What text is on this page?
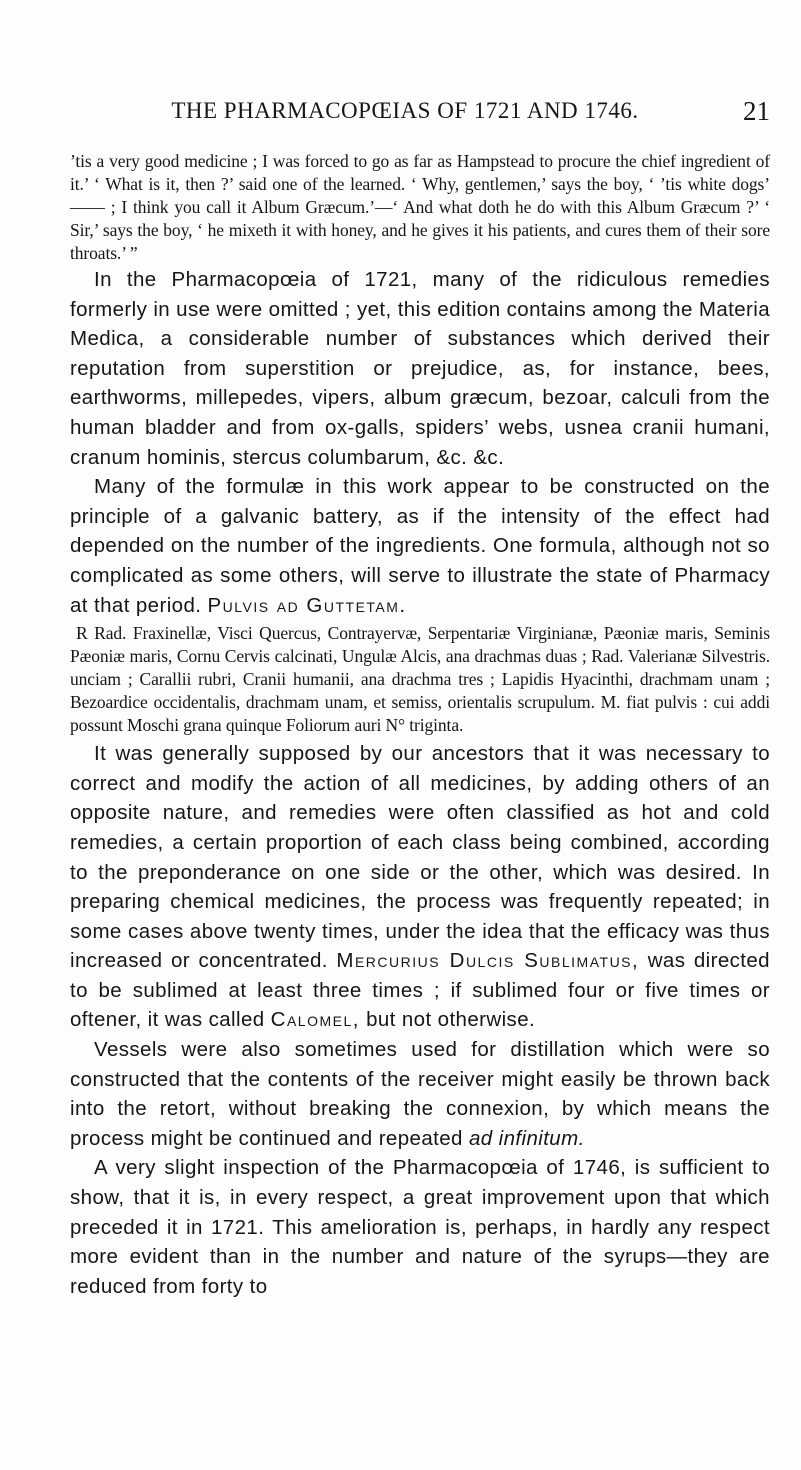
THE PHARMACOPŒIAS OF 1721 AND 1746.	21

’tis a very good medicine ; I was forced to go as far as Hampstead to procure the chief ingredient of it.’ ‘ What is it, then ?’ said one of the learned. ‘ Why, gentlemen,’ says the boy, ‘ ’tis white dogs’ —— ; I think you call it Album Græcum.’—‘ And what doth he do with this Album Græcum ?’ ‘ Sir,’ says the boy, ‘ he mixeth it with honey, and he gives it his patients, and cures them of their sore throats.’ ”

In the Pharmacopœia of 1721, many of the ridiculous remedies formerly in use were omitted ; yet, this edition contains among the Materia Medica, a considerable number of substances which derived their reputation from superstition or prejudice, as, for instance, bees, earthworms, millepedes, vipers, album græcum, bezoar, calculi from the human bladder and from ox-galls, spiders’ webs, usnea cranii humani, cranum hominis, stercus columbarum, &c. &c.

Many of the formulæ in this work appear to be constructed on the principle of a galvanic battery, as if the intensity of the effect had depended on the number of the ingredients. One formula, although not so complicated as some others, will serve to illustrate the state of Pharmacy at that period. Pulvis ad Guttetam.

R Rad. Fraxinellæ, Visci Quercus, Contrayervæ, Serpentariæ Virginianæ, Pæoniæ maris, Seminis Pæoniæ maris, Cornu Cervis calcinati, Ungulæ Alcis, ana drachmas duas ; Rad. Valerianæ Silvestris. unciam ; Carallii rubri, Cranii humanii, ana drachma tres ; Lapidis Hyacinthi, drachmam unam ; Bezoardice occidentalis, drachmam unam, et semiss, orientalis scrupulum. M. fiat pulvis : cui addi possunt Moschi grana quinque Foliorum auri N° triginta.

It was generally supposed by our ancestors that it was necessary to correct and modify the action of all medicines, by adding others of an opposite nature, and remedies were often classified as hot and cold remedies, a certain proportion of each class being combined, according to the preponderance on one side or the other, which was desired. In preparing chemical medicines, the process was frequently repeated; in some cases above twenty times, under the idea that the efficacy was thus increased or concentrated. Mercurius Dulcis Sublimatus, was directed to be sublimed at least three times ; if sublimed four or five times or oftener, it was called Calomel, but not otherwise.

Vessels were also sometimes used for distillation which were so constructed that the contents of the receiver might easily be thrown back into the retort, without breaking the connexion, by which means the process might be continued and repeated ad infinitum.

A very slight inspection of the Pharmacopœia of 1746, is sufficient to show, that it is, in every respect, a great improvement upon that which preceded it in 1721. This amelioration is, perhaps, in hardly any respect more evident than in the number and nature of the syrups—they are reduced from forty to
